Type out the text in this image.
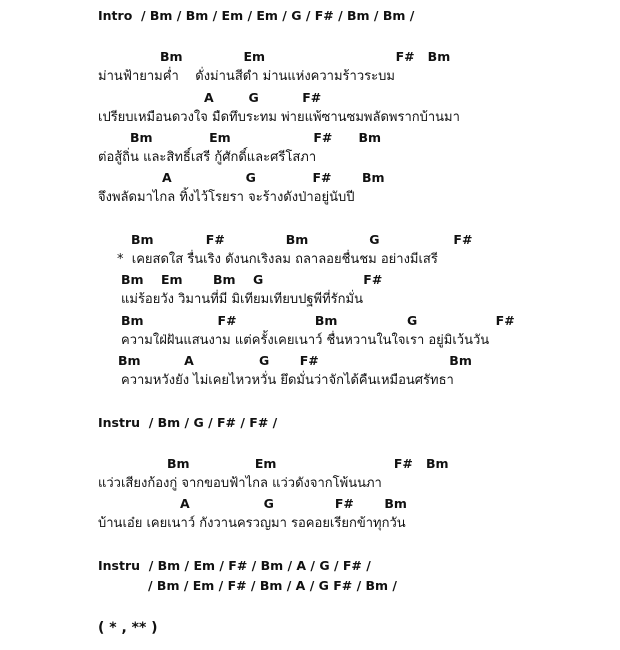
Intro  / Bm / Bm / Em / Em / G / F# / Bm / Bm /
Bm              Em                              F#   Bm
ม่านฟ้ายามค่ำ    ดั่งม่านสีดำ ม่านแห่งความร้าวระบม
A        G          F#
เปรียบเหมือนดวงใจ มืดทึบระทม พ่ายแพ้ซานซมพลัดพรากบ้านมา
Bm             Em                   F#      Bm
ต่อสู้ถิ่น และสิทธิ์เสรี กู้ศักดิ์และศรีโสภา
A                 G             F#       Bm
จึงพลัดมาไกล ทิ้งไว้โรยรา จะร้างดังป่าอยู่นับปี
Bm            F#              Bm              G                 F#
*  เคยสดใส รื่นเริง ดังนกเริงลม ถลาลอยชื่นชม อย่างมีเสรี
Bm    Em       Bm    G                       F#
แม่ร้อยวัง วิมานที่มี มิเทียมเทียบปฐพีที่รักมั่น
Bm                 F#                  Bm                G                  F#
ความใฝ่ฝันแสนงาม แต่ครั้งเคยเนาว์ ชื่นหวานในใจเรา อยู่มิเว้นวัน
Bm          A               G       F#                              Bm
ความหวังยัง ไม่เคยไหวหวั่น ยึดมั่นว่าจักได้คืนเหมือนศรัทธา
Instru  / Bm / G / F# / F# /
Bm               Em                           F#   Bm
แว่วเสียงก้องกู่ จากขอบฟ้าไกล แว่วดังจากโพ้นนภา
A                 G              F#       Bm
บ้านเอ๋ย เคยเนาว์ กังวานครวญมา รอคอยเรียกข้าทุกวัน
Instru  / Bm / Em / F# / Bm / A / G / F# /
/ Bm / Em / F# / Bm / A / G F# / Bm /
( * , ** )
